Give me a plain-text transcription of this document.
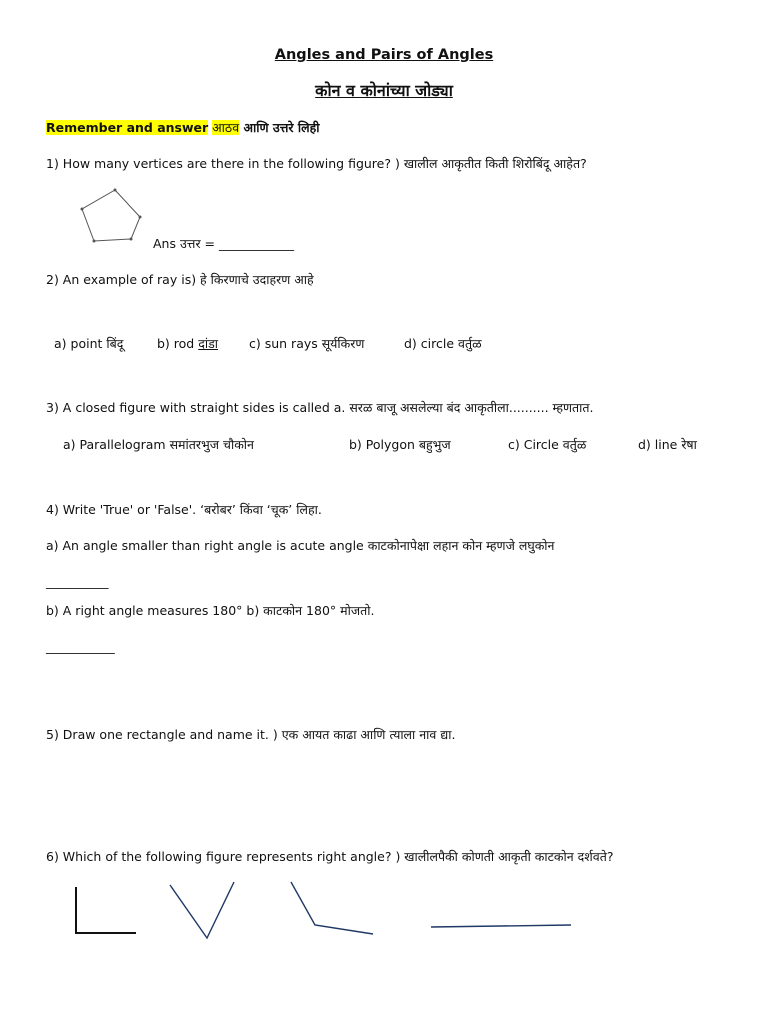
Angles and Pairs of Angles
कोन व कोनांच्या जोड्या
Remember and answer आठव आणि उत्तरे लिही
1) How many vertices are there in the following figure? ) खालील आकृतीत किती शिरोबिंदू आहेत?
Ans उत्तर = ____________
2) An example of ray is) हे किरणाचे उदाहरण आहे
a) point बिंदू	b) rod दांडा c) sun rays सूर्यकिरण	d) circle वर्तुळ
3) A closed figure with straight sides is called a. सरळ बाजू असलेल्या बंद आकृतीला.......... म्हणतात.
a) Parallelogram समांतरभुज चौकोन	b) Polygon बहुभुज	c) Circle वर्तुळ	d) line रेषा
4) Write 'True' or 'False'. ‘बरोबर’ किंवा ‘चूक’ लिहा.
a) An angle smaller than right angle is acute angle काटकोनापेक्षा लहान कोन म्हणजे लघुकोन
__________
b) A right angle measures 180° b) काटकोन 180° मोजतो.
___________
5) Draw one rectangle and name it. ) एक आयत काढा आणि त्याला नाव द्या.
6) Which of the following figure represents right angle? ) खालीलपैकी कोणती आकृती काटकोन दर्शवते?
